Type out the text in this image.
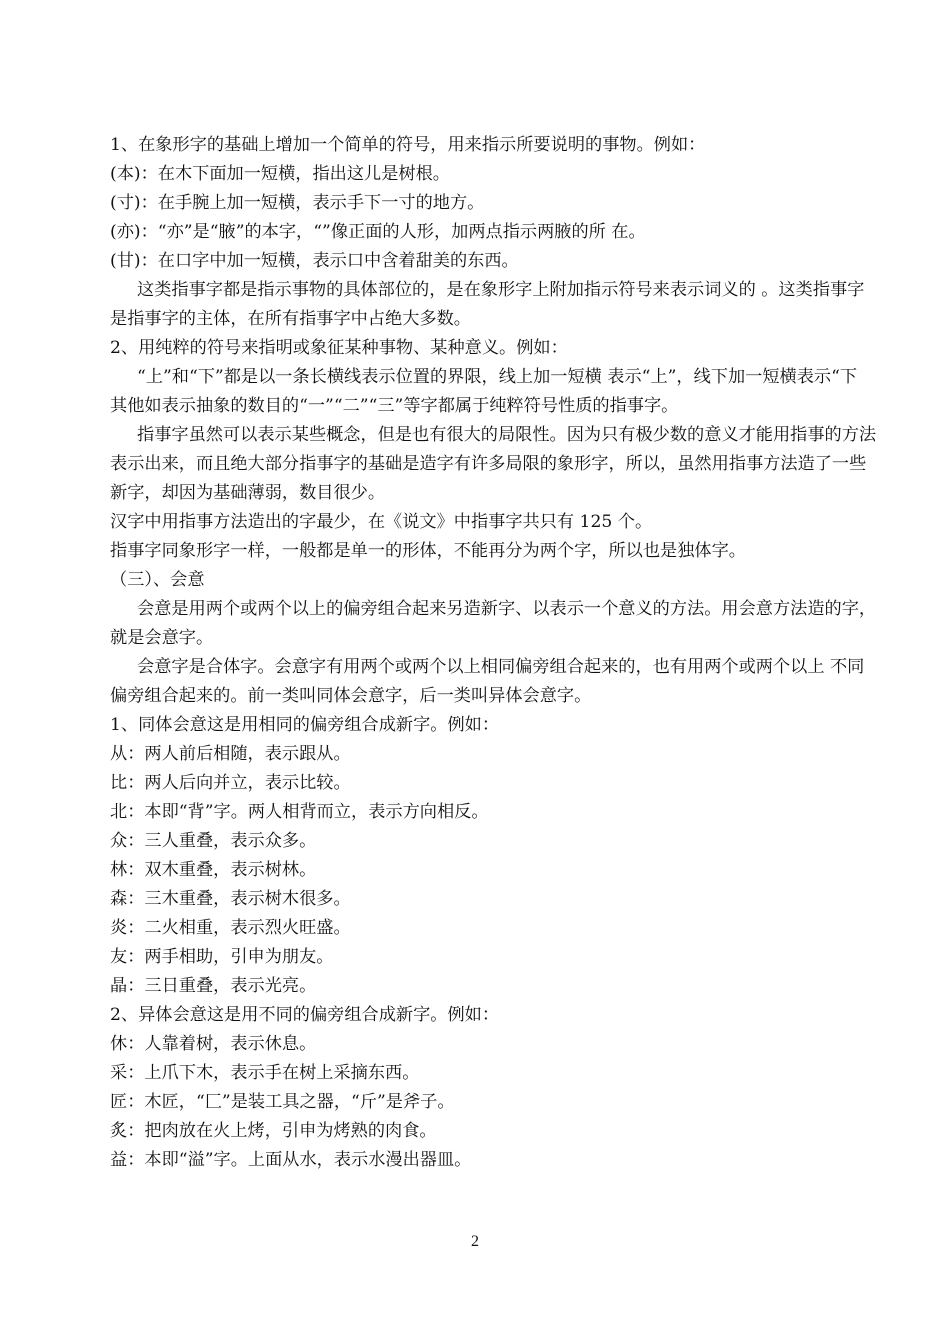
1、在象形字的基础上增加一个简单的符号，用来指示所要说明的事物。例如：

(本)：在木下面加一短横，指出这儿是树根。

(寸)：在手腕上加一短横，表示手下一寸的地方。

(亦)：“亦”是“腋”的本字，“”像正面的人形，加两点指示两腋的所 在。

(甘)：在口字中加一短横，表示口中含着甜美的东西。

这类指事字都是指示事物的具体部位的，是在象形字上附加指示符号来表示词义的 。这类指事字是指事字的主体，在所有指事字中占绝大多数。

2、用纯粹的符号来指明或象征某种事物、某种意义。例如：

“上”和“下”都是以一条长横线表示位置的界限，线上加一短横 表示“上”，线下加一短横表示“下

其他如表示抽象的数目的“一”“二”“三”等字都属于纯粹符号性质的指事字。

指事字虽然可以表示某些概念，但是也有很大的局限性。因为只有极少数的意义才能用指事的方法表示出来，而且绝大部分指事字的基础是造字有许多局限的象形字，所以，虽然用指事方法造了一些新字，却因为基础薄弱，数目很少。

汉字中用指事方法造出的字最少，在《说文》中指事字共只有 125 个。

指事字同象形字一样，一般都是单一的形体，不能再分为两个字，所以也是独体字。

（三）、会意

会意是用两个或两个以上的偏旁组合起来另造新字、以表示一个意义的方法。用会意方法造的字，就是会意字。

会意字是合体字。会意字有用两个或两个以上相同偏旁组合起来的，也有用两个或两个以上 不同偏旁组合起来的。前一类叫同体会意字，后一类叫异体会意字。

1、同体会意这是用相同的偏旁组合成新字。例如：

从：两人前后相随，表示跟从。

比：两人后向并立，表示比较。

北：本即“背”字。两人相背而立，表示方向相反。

众：三人重叠，表示众多。

林：双木重叠，表示树林。

森：三木重叠，表示树木很多。

炎：二火相重，表示烈火旺盛。

友：两手相助，引申为朋友。

晶：三日重叠，表示光亮。

2、异体会意这是用不同的偏旁组合成新字。例如：

休：人靠着树，表示休息。

采：上爪下木，表示手在树上采摘东西。

匠：木匠，“匚”是装工具之器，“斤”是斧子。

炙：把肉放在火上烤，引申为烤熟的肉食。

益：本即“溢”字。上面从水，表示水漫出器皿。

2
